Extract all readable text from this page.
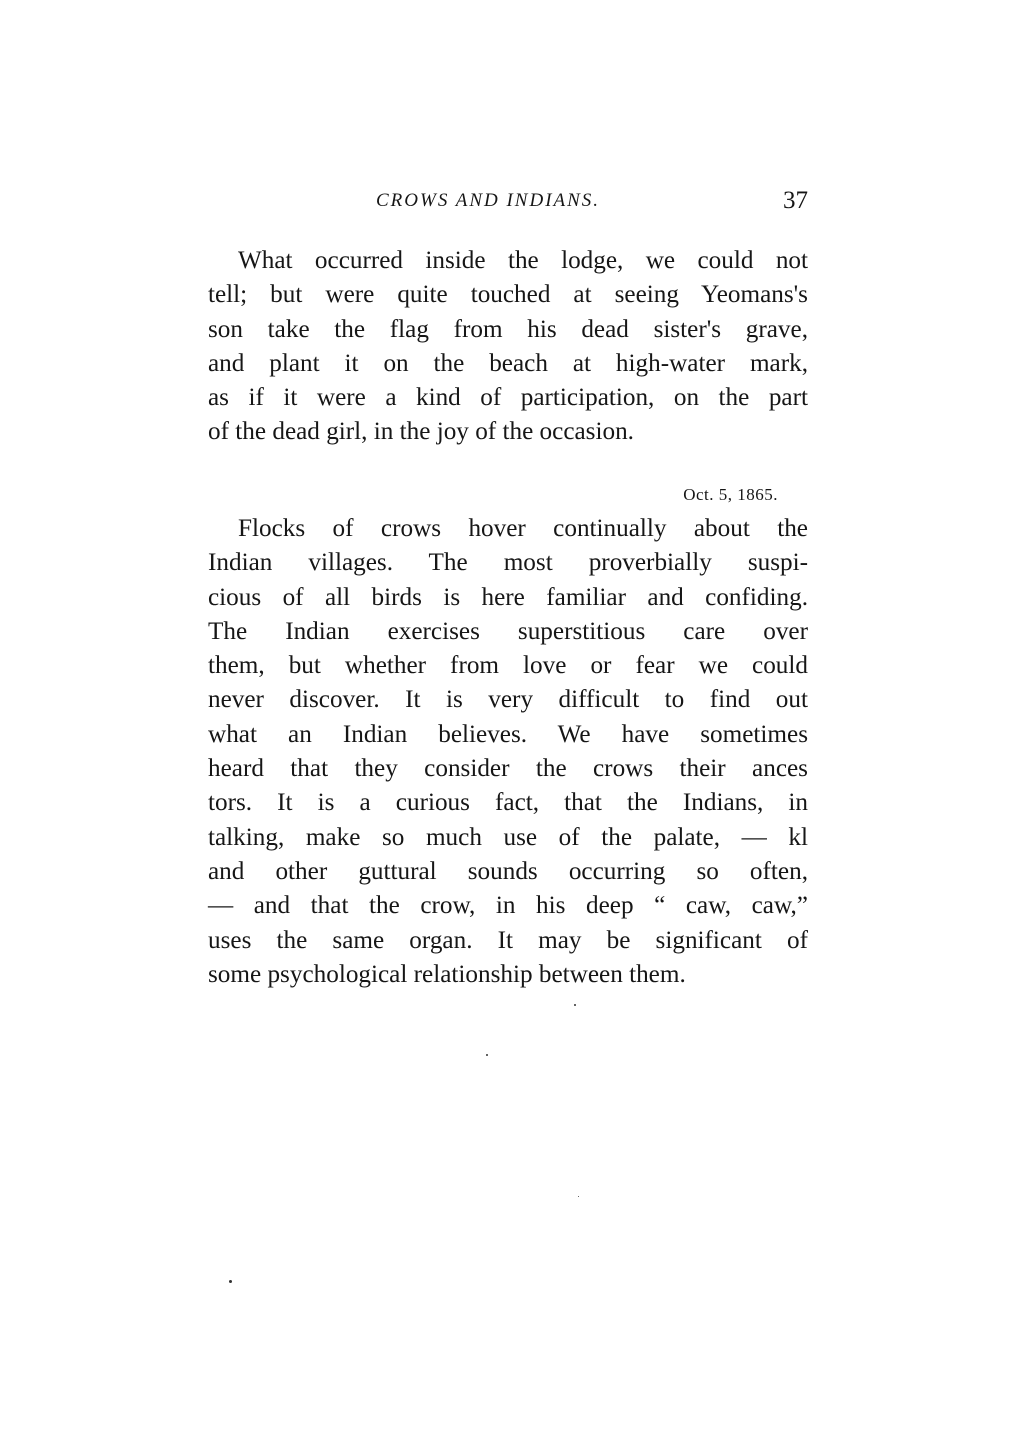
CROWS AND INDIANS.	37
What occurred inside the lodge, we could not
tell; but were quite touched at seeing Yeomans's
son take the flag from his dead sister's grave,
and plant it on the beach at high-water mark,
as if it were a kind of participation, on the part
of the dead girl, in the joy of the occasion.
Oct. 5, 1865.
Flocks of crows hover continually about the
Indian villages. The most proverbially suspi-
cious of all birds is here familiar and confiding.
The Indian exercises superstitious care over
them, but whether from love or fear we could
never discover. It is very difficult to find out
what an Indian believes. We have sometimes
heard that they consider the crows their ances
tors. It is a curious fact, that the Indians, in
talking, make so much use of the palate, — kl
and other guttural sounds occurring so often,
— and that the crow, in his deep “ caw, caw,”
uses the same organ. It may be significant of
some psychological relationship between them.
